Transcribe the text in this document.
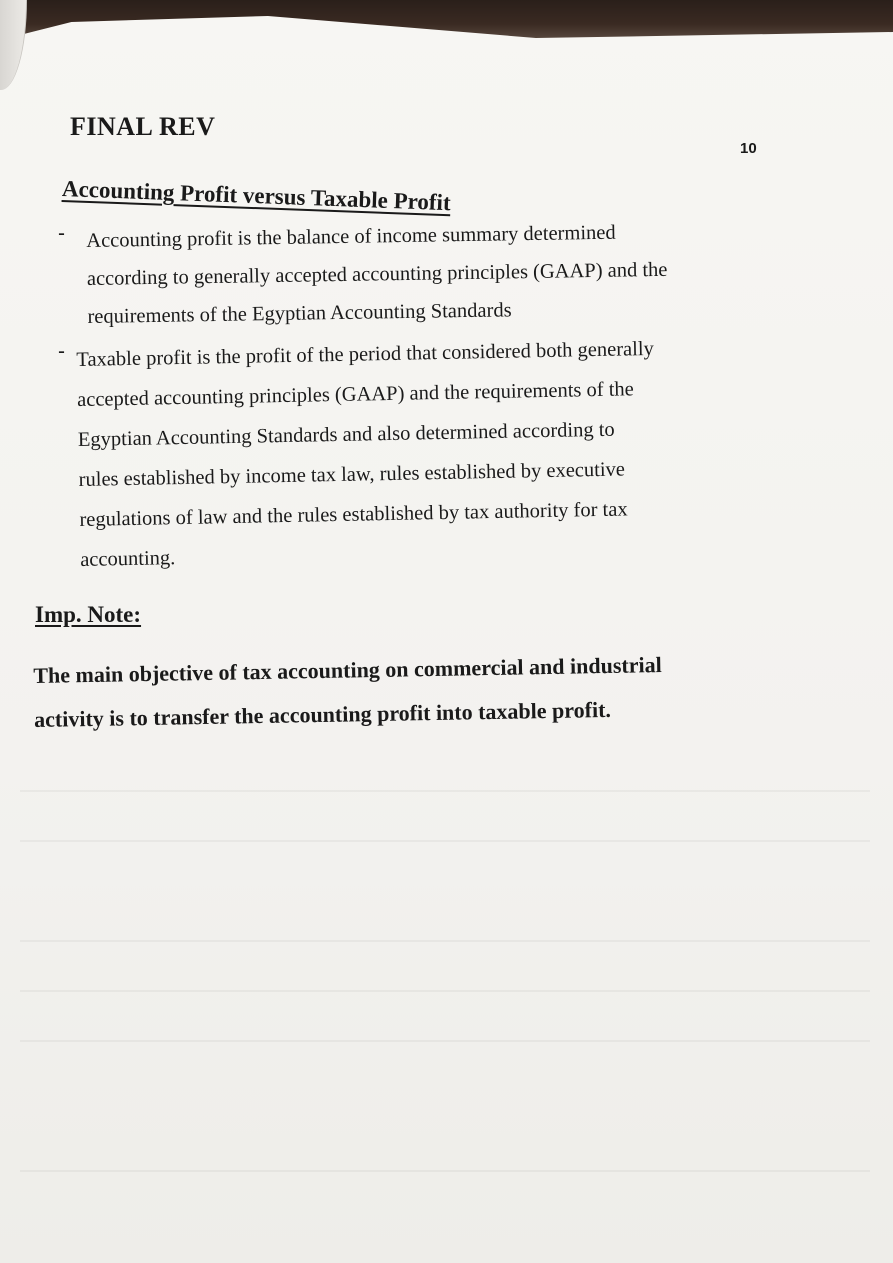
FINAL REV
10
Accounting Profit versus Taxable Profit
- Accounting profit is the balance of income summary determined
according to generally accepted accounting principles (GAAP) and the
requirements of the Egyptian Accounting Standards
- Taxable profit is the profit of the period that considered both generally
accepted accounting principles (GAAP) and the requirements of the
Egyptian Accounting Standards and also determined according to
rules established by income tax law, rules established by executive
regulations of law and the rules established by tax authority for tax
accounting.
Imp. Note:
The main objective of tax accounting on commercial and industrial
activity is to transfer the accounting profit into taxable profit.
